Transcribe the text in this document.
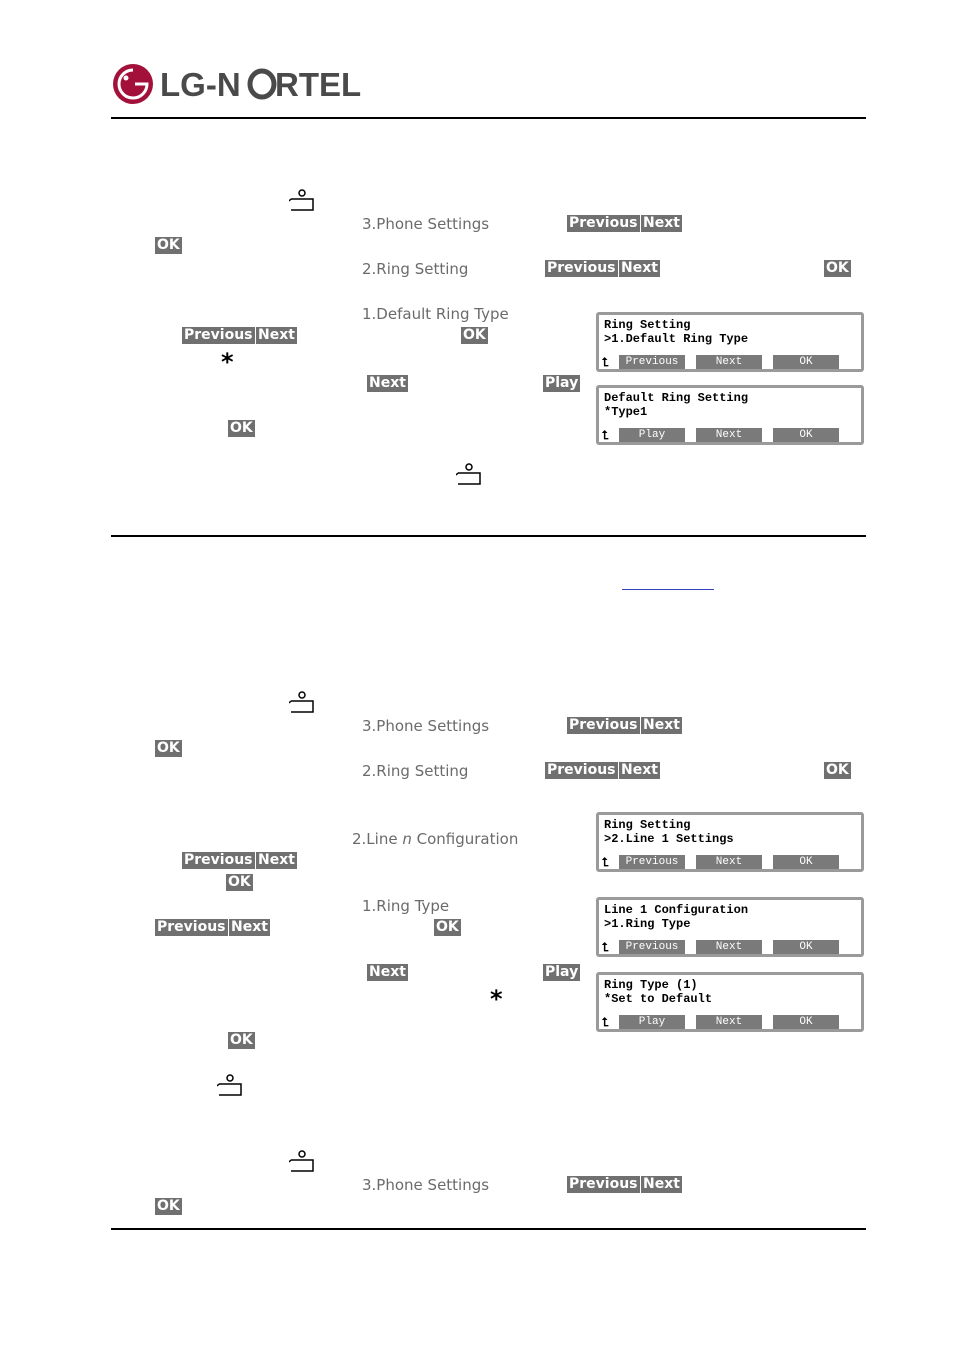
LG-N RTEL
3.Phone Settings	Previous Next
OK
2.Ring Setting	Previous Next	OK
1.Default Ring Type
Previous Next	OK
*
Next	Play
OK
Ring Setting
>1.Default Ring Type
⮤	Previous	Next	OK
Default Ring Setting
*Type1
⮤	Play	Next	OK
3.Phone Settings	Previous Next
OK
2.Ring Setting	Previous Next	OK
2.Line n Configuration
Previous Next
OK
1.Ring Type
Previous Next	OK
Next	Play
*
OK
Ring Setting
>2.Line 1 Settings
⮤	Previous	Next	OK
Line 1 Configuration
>1.Ring Type
⮤	Previous	Next	OK
Ring Type (1)
*Set to Default
⮤	Play	Next	OK
3.Phone Settings	Previous Next
OK
